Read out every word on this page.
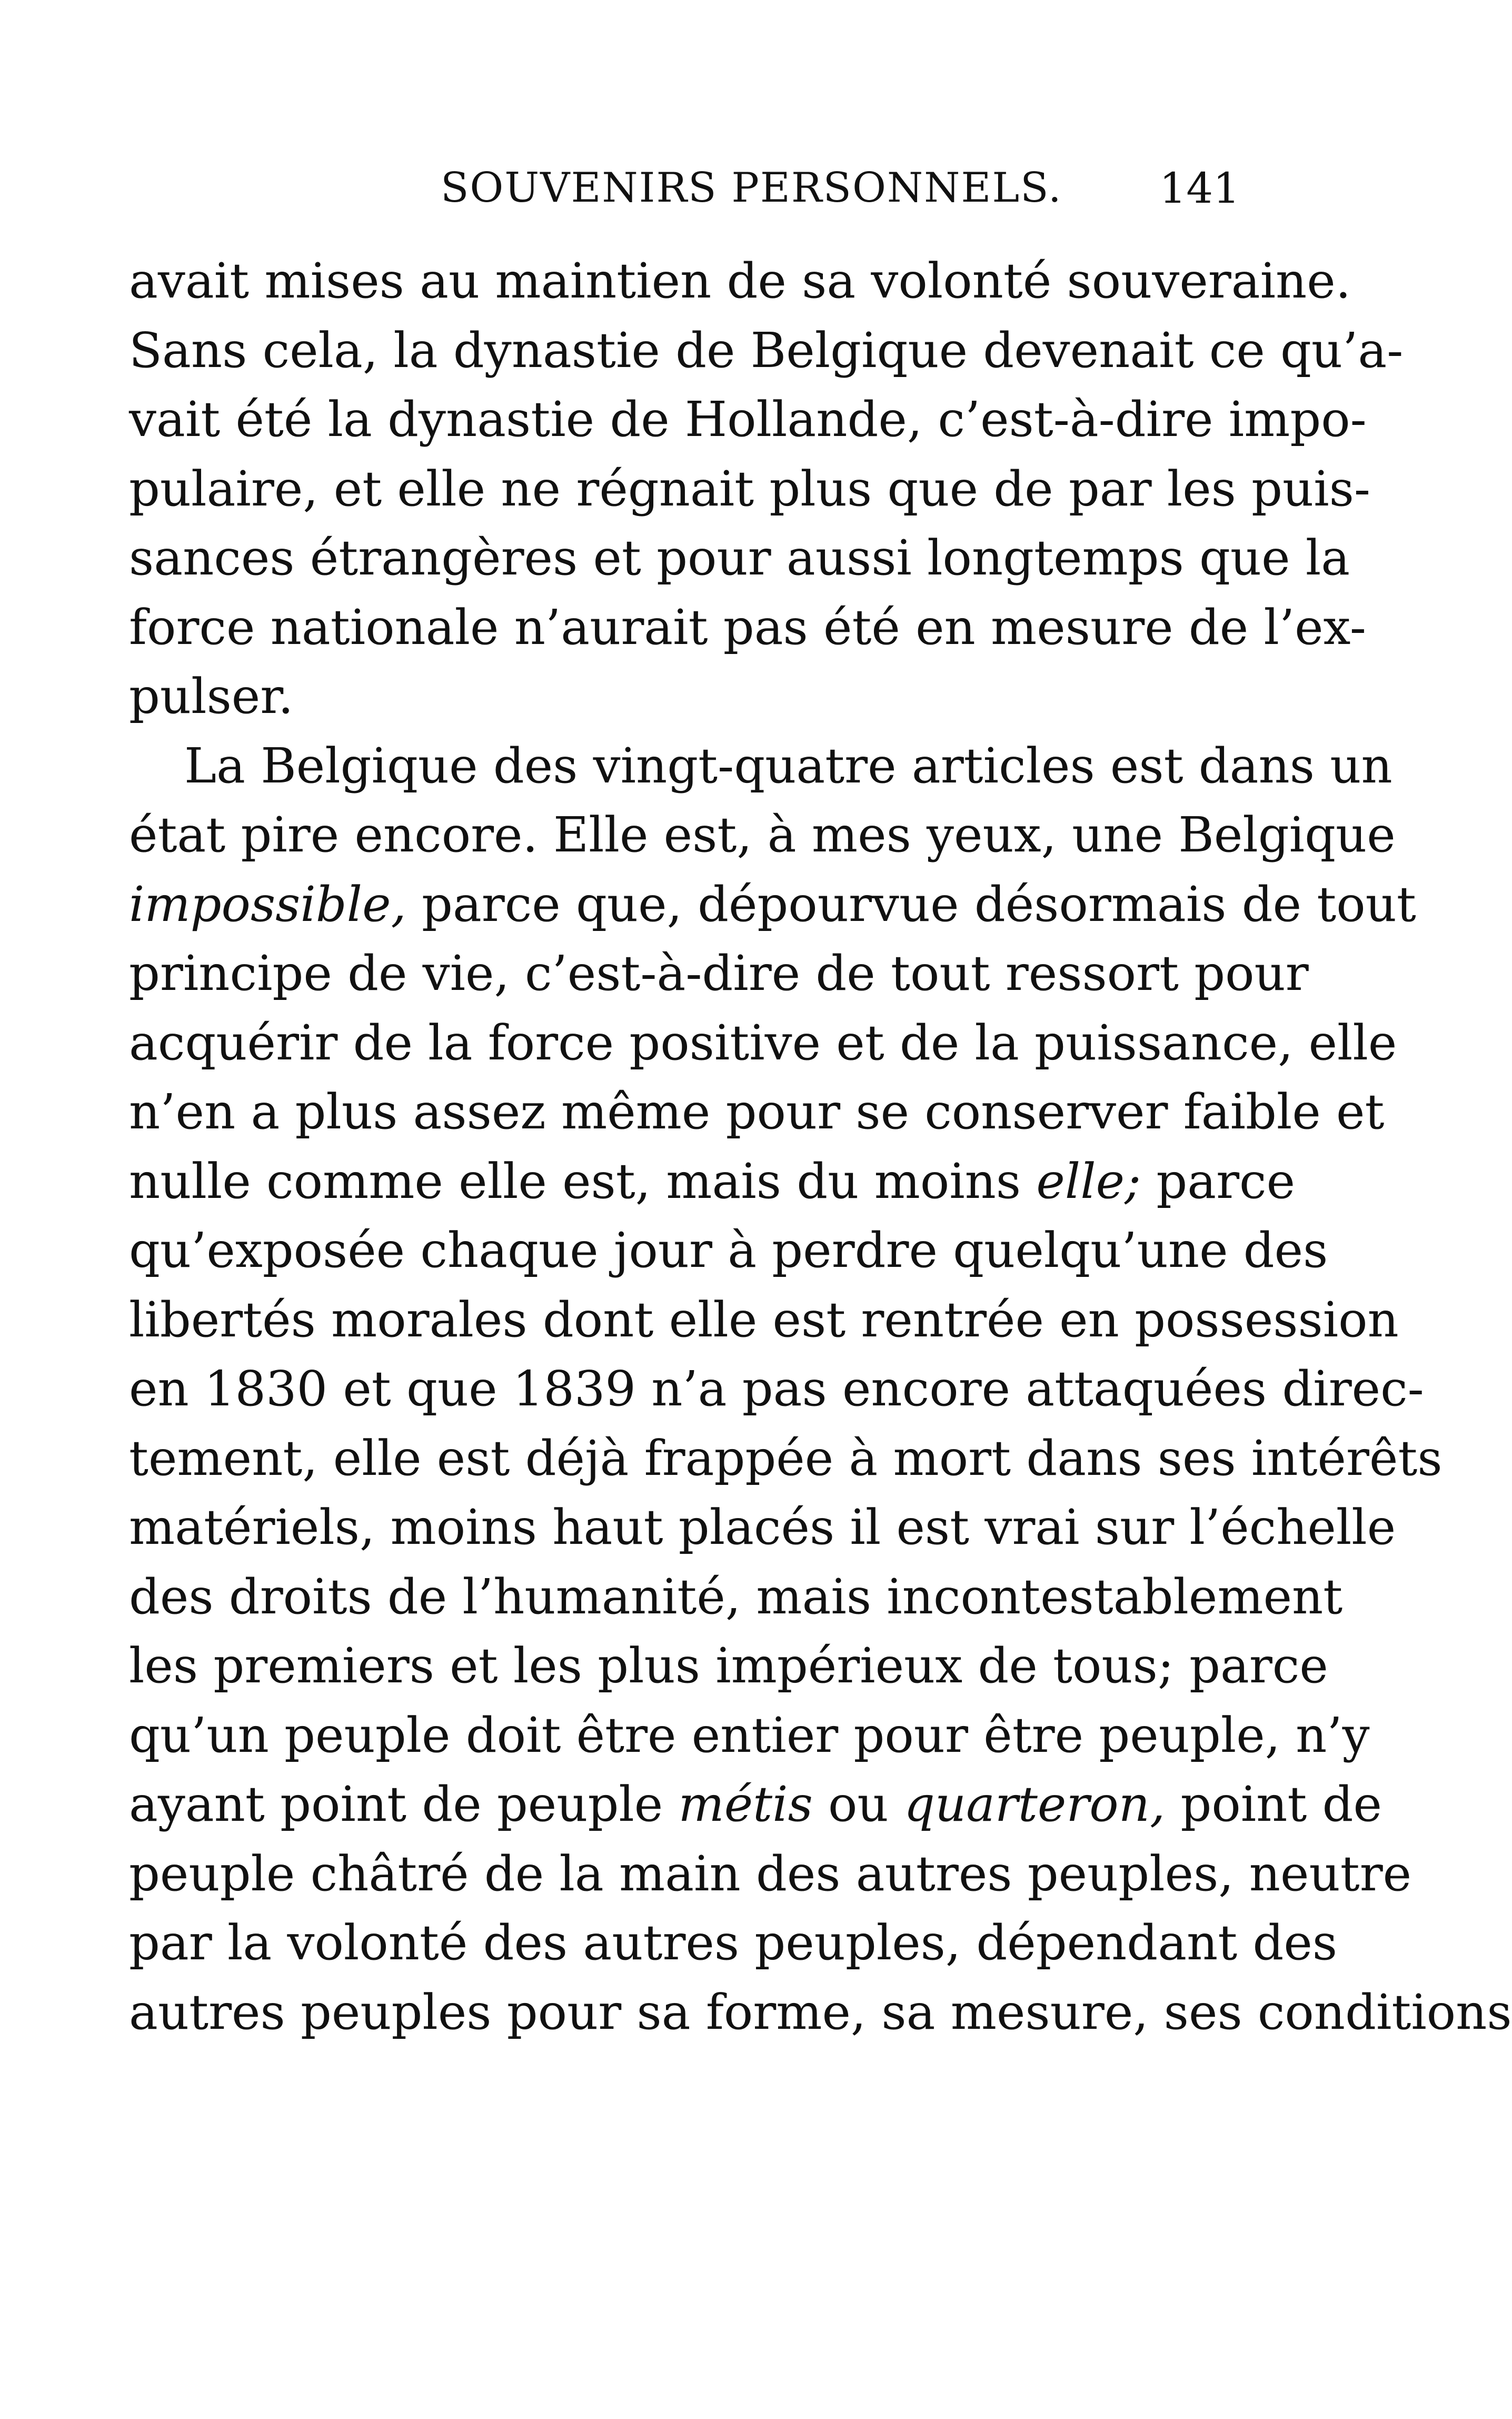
SOUVENIRS PERSONNELS. 141
avait mises au maintien de sa volonté souveraine.
Sans cela, la dynastie de Belgique devenait ce qu’a-
vait été la dynastie de Hollande, c’est-à-dire impo-
pulaire, et elle ne régnait plus que de par les puis-
sances étrangères et pour aussi longtemps que la
force nationale n’aurait pas été en mesure de l’ex-
pulser.
La Belgique des vingt-quatre articles est dans un
état pire encore. Elle est, à mes yeux, une Belgique
impossible, parce que, dépourvue désormais de tout
principe de vie, c’est-à-dire de tout ressort pour
acquérir de la force positive et de la puissance, elle
n’en a plus assez même pour se conserver faible et
nulle comme elle est, mais du moins elle; parce
qu’exposée chaque jour à perdre quelqu’une des
libertés morales dont elle est rentrée en possession
en 1830 et que 1839 n’a pas encore attaquées direc-
tement, elle est déjà frappée à mort dans ses intérêts
matériels, moins haut placés il est vrai sur l’échelle
des droits de l’humanité, mais incontestablement
les premiers et les plus impérieux de tous; parce
qu’un peuple doit être entier pour être peuple, n’y
ayant point de peuple métis ou quarteron, point de
peuple châtré de la main des autres peuples, neutre
par la volonté des autres peuples, dépendant des
autres peuples pour sa forme, sa mesure, ses conditions
